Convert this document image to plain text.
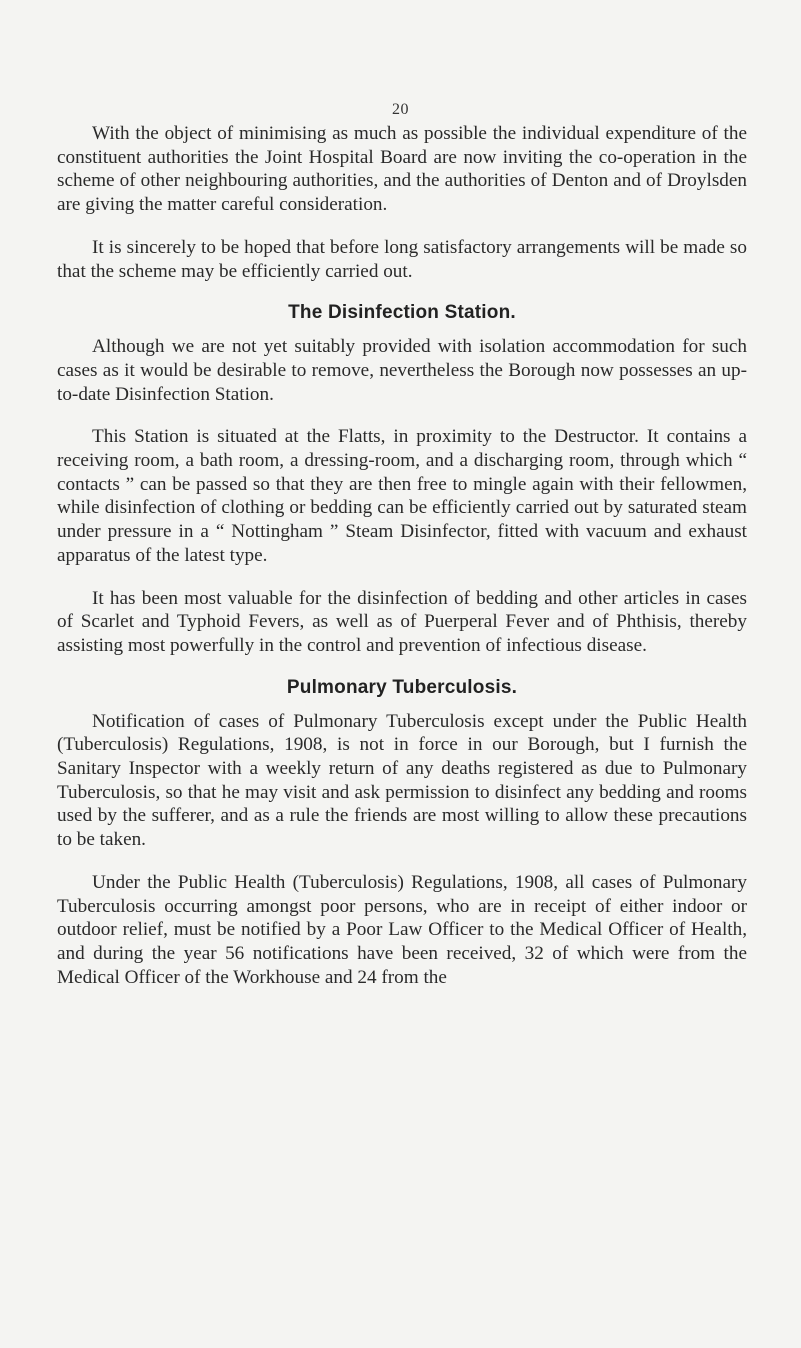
20

With the object of minimising as much as possible the individual expenditure of the constituent authorities the Joint Hospital Board are now inviting the co-operation in the scheme of other neighbouring authorities, and the authorities of Denton and of Droylsden are giving the matter careful consideration.

It is sincerely to be hoped that before long satisfactory arrangements will be made so that the scheme may be efficiently carried out.

The Disinfection Station.

Although we are not yet suitably provided with isolation accommodation for such cases as it would be desirable to remove, nevertheless the Borough now possesses an up-to-date Disinfection Station.

This Station is situated at the Flatts, in proximity to the Destructor. It contains a receiving room, a bath room, a dressing-room, and a discharging room, through which “ contacts ” can be passed so that they are then free to mingle again with their fellowmen, while disinfection of clothing or bedding can be efficiently carried out by saturated steam under pressure in a “ Nottingham ” Steam Disinfector, fitted with vacuum and exhaust apparatus of the latest type.

It has been most valuable for the disinfection of bedding and other articles in cases of Scarlet and Typhoid Fevers, as well as of Puerperal Fever and of Phthisis, thereby assisting most powerfully in the control and prevention of infectious disease.

Pulmonary Tuberculosis.

Notification of cases of Pulmonary Tuberculosis except under the Public Health (Tuberculosis) Regulations, 1908, is not in force in our Borough, but I furnish the Sanitary Inspector with a weekly return of any deaths registered as due to Pulmonary Tuberculosis, so that he may visit and ask permission to disinfect any bedding and rooms used by the sufferer, and as a rule the friends are most willing to allow these precautions to be taken.

Under the Public Health (Tuberculosis) Regulations, 1908, all cases of Pulmonary Tuberculosis occurring amongst poor persons, who are in receipt of either indoor or outdoor relief, must be notified by a Poor Law Officer to the Medical Officer of Health, and during the year 56 notifications have been received, 32 of which were from the Medical Officer of the Workhouse and 24 from the
